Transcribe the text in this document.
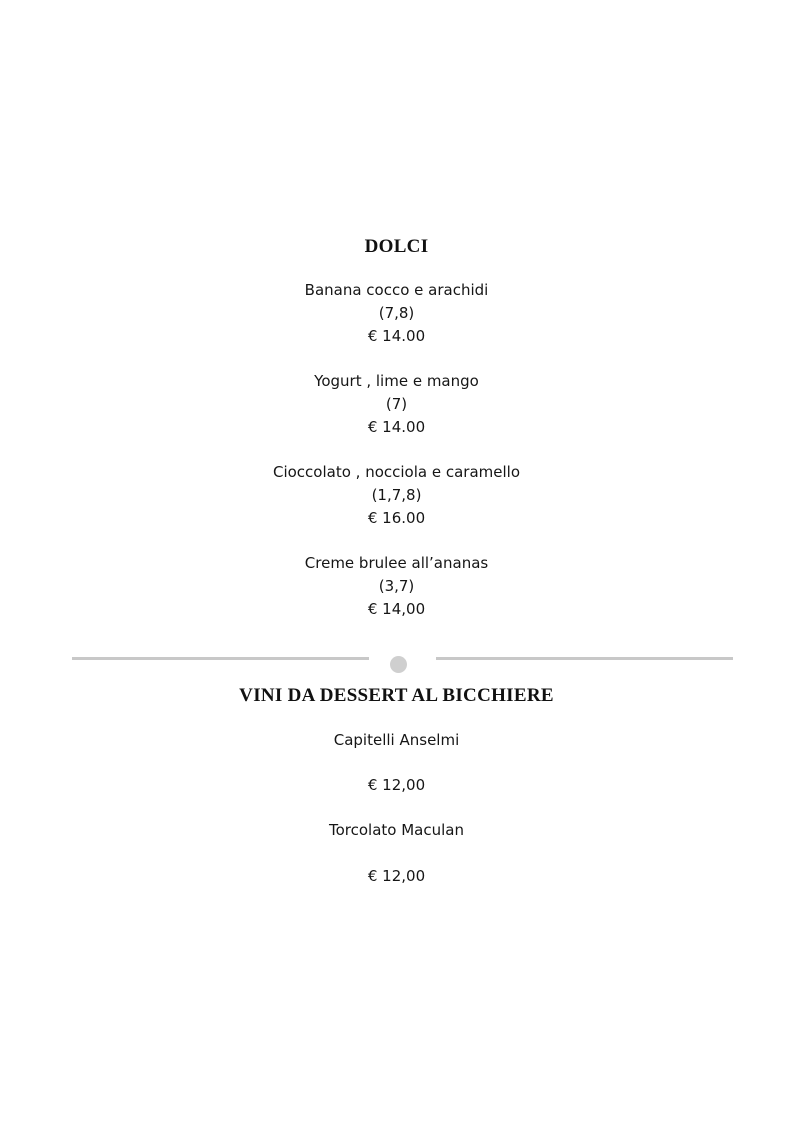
DOLCI

Banana cocco e arachidi

(7,8)

€ 14.00

Yogurt , lime e mango

(7)

€ 14.00

Cioccolato , nocciola e caramello

(1,7,8)

€ 16.00

Creme brulee all’ananas

(3,7)

€ 14,00

VINI DA DESSERT AL BICCHIERE

Capitelli Anselmi

€ 12,00

Torcolato Maculan

€ 12,00
